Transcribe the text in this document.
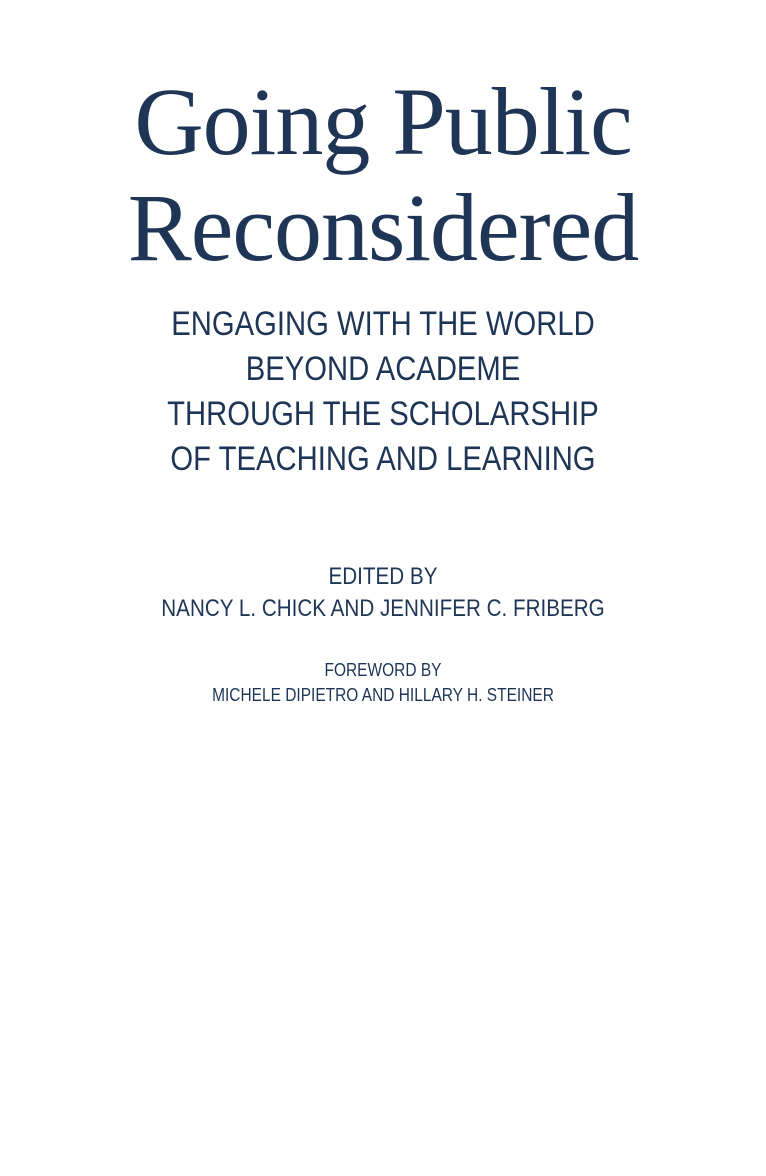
Going Public
Reconsidered
ENGAGING WITH THE WORLD
BEYOND ACADEME
THROUGH THE SCHOLARSHIP
OF TEACHING AND LEARNING
EDITED BY
NANCY L. CHICK AND JENNIFER C. FRIBERG
FOREWORD BY
MICHELE DIPIETRO AND HILLARY H. STEINER
